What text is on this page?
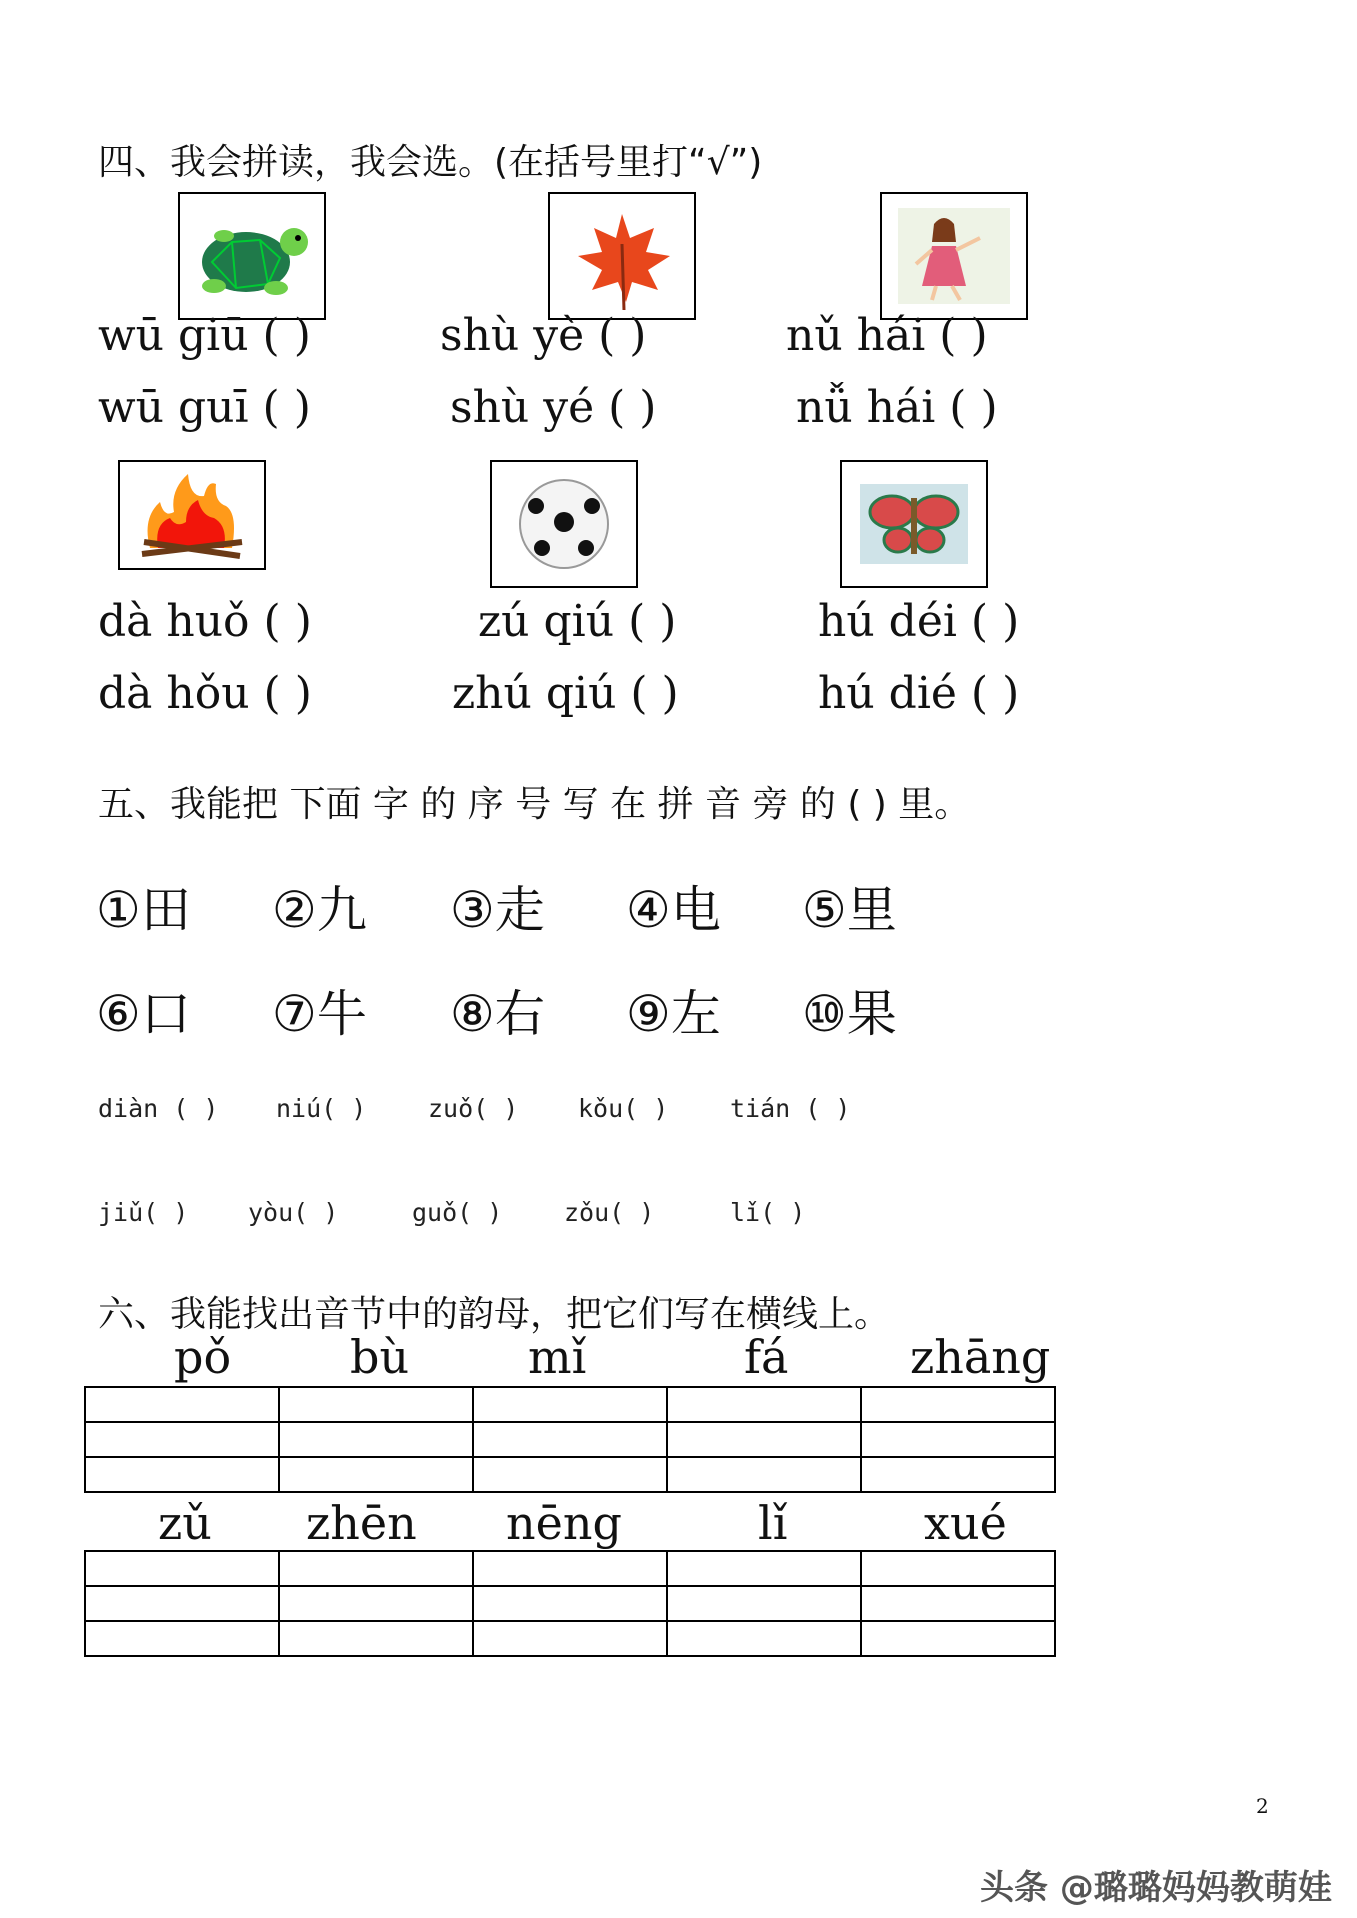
四、我会拼读，我会选。(在括号里打“√”)
wū giū ( )	shù yè ( )	nǔ hái ( )
wū guī ( )	shù yé ( )	nǚ hái ( )
dà huǒ ( )	zú qiú ( )	hú déi ( )
dà hǒu ( )	zhú qiú ( )	hú dié ( )
五、我能把 下面 字 的 序 号 写 在 拼 音 旁 的 ( ) 里。
①田 ②九 ③走 ④电 ⑤里
⑥口 ⑦牛 ⑧右 ⑨左 ⑩果
diàn ( ) niú( ) zuǒ( ) kǒu( ) tián ( )
jiǔ( ) yòu( )	guǒ( ) zǒu( )	lǐ( )
六、我能找出音节中的韵母，把它们写在横线上。
pǒ	bù	mǐ	fá	zhāng

zǔ zhēn nēng	lǐ	xué

2
头条 @璐璐妈妈教萌娃
